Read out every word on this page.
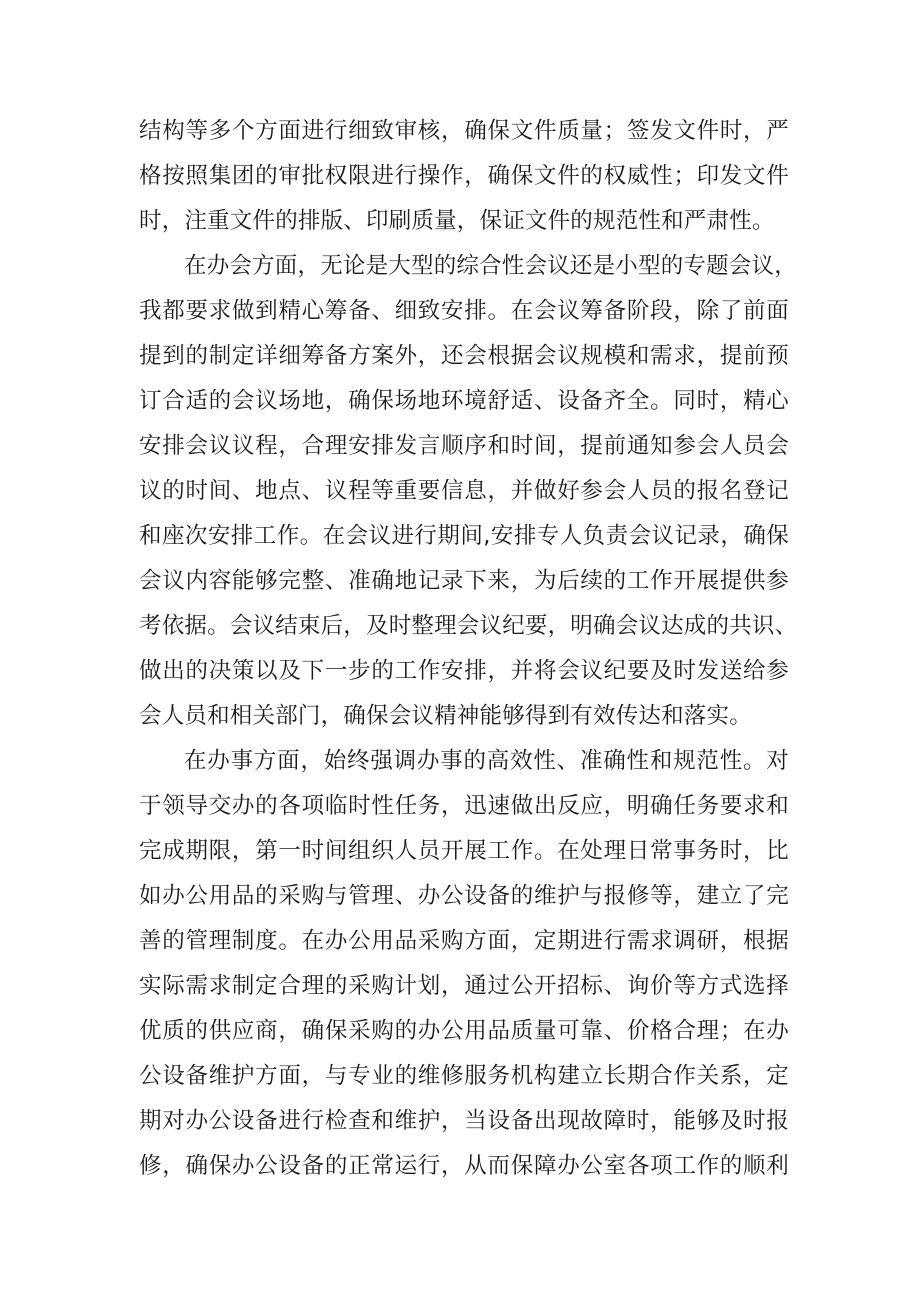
结构等多个方面进行细致审核，确保文件质量；签发文件时，严
格按照集团的审批权限进行操作，确保文件的权威性；印发文件
时，注重文件的排版、印刷质量，保证文件的规范性和严肃性。
在办会方面，无论是大型的综合性会议还是小型的专题会议，
我都要求做到精心筹备、细致安排。在会议筹备阶段，除了前面
提到的制定详细筹备方案外，还会根据会议规模和需求，提前预
订合适的会议场地，确保场地环境舒适、设备齐全。同时，精心
安排会议议程，合理安排发言顺序和时间，提前通知参会人员会
议的时间、地点、议程等重要信息，并做好参会人员的报名登记
和座次安排工作。在会议进行期间,安排专人负责会议记录，确保
会议内容能够完整、准确地记录下来，为后续的工作开展提供参
考依据。会议结束后，及时整理会议纪要，明确会议达成的共识、
做出的决策以及下一步的工作安排，并将会议纪要及时发送给参
会人员和相关部门，确保会议精神能够得到有效传达和落实。
在办事方面，始终强调办事的高效性、准确性和规范性。对
于领导交办的各项临时性任务，迅速做出反应，明确任务要求和
完成期限，第一时间组织人员开展工作。在处理日常事务时，比
如办公用品的采购与管理、办公设备的维护与报修等，建立了完
善的管理制度。在办公用品采购方面，定期进行需求调研，根据
实际需求制定合理的采购计划，通过公开招标、询价等方式选择
优质的供应商，确保采购的办公用品质量可靠、价格合理；在办
公设备维护方面，与专业的维修服务机构建立长期合作关系，定
期对办公设备进行检查和维护，当设备出现故障时，能够及时报
修，确保办公设备的正常运行，从而保障办公室各项工作的顺利
